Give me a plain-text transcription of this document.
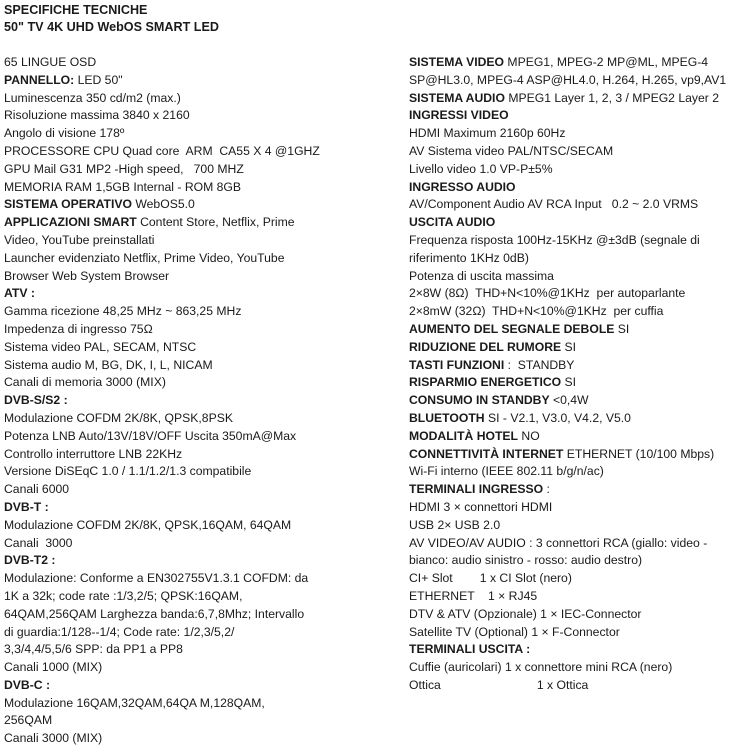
SPECIFICHE TECNICHE
50" TV 4K UHD WebOS SMART LED
65 LINGUE OSD
PANNELLO: LED 50"
Luminescenza 350 cd/m2 (max.)
Risoluzione massima 3840 x 2160
Angolo di visione 178º
PROCESSORE CPU Quad core  ARM  CA55 X 4 @1GHZ
GPU Mail G31 MP2 -High speed,   700 MHZ
MEMORIA RAM 1,5GB Internal - ROM 8GB
SISTEMA OPERATIVO WebOS5.0
APPLICAZIONI SMART Content Store, Netflix, Prime
Video, YouTube preinstallati
Launcher evidenziato Netflix, Prime Video, YouTube
Browser Web System Browser
ATV :
Gamma ricezione 48,25 MHz ~ 863,25 MHz
Impedenza di ingresso 75Ω
Sistema video PAL, SECAM, NTSC
Sistema audio M, BG, DK, I, L, NICAM
Canali di memoria 3000 (MIX)
DVB-S/S2 :
Modulazione COFDM 2K/8K, QPSK,8PSK
Potenza LNB Auto/13V/18V/OFF Uscita 350mA@Max
Controllo interruttore LNB 22KHz
Versione DiSEqC 1.0 / 1.1/1.2/1.3 compatibile
Canali 6000
DVB-T :
Modulazione COFDM 2K/8K, QPSK,16QAM, 64QAM
Canali  3000
DVB-T2 :
Modulazione: Conforme a EN302755V1.3.1 COFDM: da
1K a 32k; code rate :1/3,2/5; QPSK:16QAM,
64QAM,256QAM Larghezza banda:6,7,8Mhz; Intervallo
di guardia:1/128--1/4; Code rate: 1/2,3/5,2/
3,3/4,4/5,5/6 SPP: da PP1 a PP8
Canali 1000 (MIX)
DVB-C :
Modulazione 16QAM,32QAM,64QA M,128QAM,
256QAM
Canali 3000 (MIX)
SISTEMA VIDEO MPEG1, MPEG-2 MP@ML, MPEG-4
SP@HL3.0, MPEG-4 ASP@HL4.0, H.264, H.265, vp9,AV1
SISTEMA AUDIO MPEG1 Layer 1, 2, 3 / MPEG2 Layer 2
INGRESSI VIDEO
HDMI Maximum 2160p 60Hz
AV Sistema video PAL/NTSC/SECAM
Livello video 1.0 VP-P±5%
INGRESSO AUDIO
AV/Component Audio AV RCA Input   0.2 ~ 2.0 VRMS
USCITA AUDIO
Frequenza risposta 100Hz-15KHz @±3dB (segnale di
riferimento 1KHz 0dB)
Potenza di uscita massima
2×8W (8Ω)  THD+N<10%@1KHz  per autoparlante
2×8mW (32Ω)  THD+N<10%@1KHz  per cuffia
AUMENTO DEL SEGNALE DEBOLE SI
RIDUZIONE DEL RUMORE SI
TASTI FUNZIONI :  STANDBY
RISPARMIO ENERGETICO SI
CONSUMO IN STANDBY <0,4W
BLUETOOTH SI - V2.1, V3.0, V4.2, V5.0
MODALITÀ HOTEL NO
CONNETTIVITÀ INTERNET ETHERNET (10/100 Mbps)
Wi-Fi interno (IEEE 802.11 b/g/n/ac)
TERMINALI INGRESSO :
HDMI 3 × connettori HDMI
USB 2× USB 2.0
AV VIDEO/AV AUDIO : 3 connettori RCA (giallo: video -
bianco: audio sinistro - rosso: audio destro)
CI+ Slot        1 x CI Slot (nero)
ETHERNET    1 × RJ45
DTV & ATV (Opzionale) 1 × IEC-Connector
Satellite TV (Optional) 1 × F-Connector
TERMINALI USCITA :
Cuffie (auricolari) 1 x connettore mini RCA (nero)
Ottica	1 x Ottica
